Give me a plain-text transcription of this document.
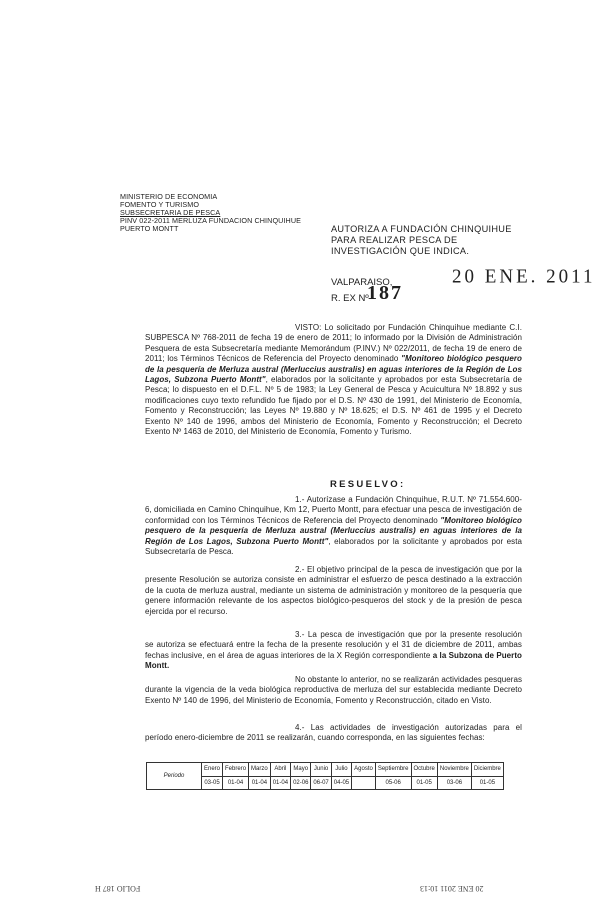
MINISTERIO DE ECONOMIA
FOMENTO Y TURISMO
SUBSECRETARIA DE PESCA
PINV 022-2011 MERLUZA FUNDACION CHINQUIHUE
PUERTO MONTT	AUTORIZA A FUNDACIÓN CHINQUIHUE PARA REALIZAR PESCA DE INVESTIGACIÓN QUE INDICA.
VALPARAISO,	20 ENE. 2011
R. EX Nº
187

VISTO: Lo solicitado por Fundación Chinquihue mediante C.I. SUBPESCA Nº 768-2011 de fecha 19 de enero de 2011; lo informado por la División de Administración Pesquera de esta Subsecretaría mediante Memorándum (P.INV.) Nº 022/2011, de fecha 19 de enero de 2011; los Términos Técnicos de Referencia del Proyecto denominado "Monitoreo biológico pesquero de la pesquería de Merluza austral (Merluccius australis) en aguas interiores de la Región de Los Lagos, Subzona Puerto Montt", elaborados por la solicitante y aprobados por esta Subsecretaría de Pesca; lo dispuesto en el D.F.L. Nº 5 de 1983; la Ley General de Pesca y Acuicultura Nº 18.892 y sus modificaciones cuyo texto refundido fue fijado por el D.S. Nº 430 de 1991, del Ministerio de Economía, Fomento y Reconstrucción; las Leyes Nº 19.880 y Nº 18.625; el D.S. Nº 461 de 1995 y el Decreto Exento Nº 140 de 1996, ambos del Ministerio de Economía, Fomento y Reconstrucción; el Decreto Exento Nº 1463 de 2010, del Ministerio de Economía, Fomento y Turismo.

RESUELVO:

1.- Autorízase a Fundación Chinquihue, R.U.T. Nº 71.554.600-6, domiciliada en Camino Chinquihue, Km 12, Puerto Montt, para efectuar una pesca de investigación de conformidad con los Términos Técnicos de Referencia del Proyecto denominado "Monitoreo biológico pesquero de la pesquería de Merluza austral (Merluccius australis) en aguas interiores de la Región de Los Lagos, Subzona Puerto Montt", elaborados por la solicitante y aprobados por esta Subsecretaría de Pesca.

2.- El objetivo principal de la pesca de investigación que por la presente Resolución se autoriza consiste en administrar el esfuerzo de pesca destinado a la extracción de la cuota de merluza austral, mediante un sistema de administración y monitoreo de la pesquería que genere información relevante de los aspectos biológico-pesqueros del stock y de la presión de pesca ejercida por el recurso.

3.- La pesca de investigación que por la presente resolución se autoriza se efectuará entre la fecha de la presente resolución y el 31 de diciembre de 2011, ambas fechas inclusive, en el área de aguas interiores de la X Región correspondiente a la Subzona de Puerto Montt.

No obstante lo anterior, no se realizarán actividades pesqueras durante la vigencia de la veda biológica reproductiva de merluza del sur establecida mediante Decreto Exento Nº 140 de 1996, del Ministerio de Economía, Fomento y Reconstrucción, citado en Visto.

4.- Las actividades de investigación autorizadas para el período enero-diciembre de 2011 se realizarán, cuando corresponda, en las siguientes fechas:

Periodo	Enero	Febrero	Marzo	Abril	Mayo	Junio	Julio	Agosto	Septiembre	Octubre	Noviembre	Diciembre
	03-05	01-04	01-04	01-04	02-06	06-07	04-05		05-06	01-05	03-06	01-05
FOLIO 187 H	20 ENE 2011 10:13
